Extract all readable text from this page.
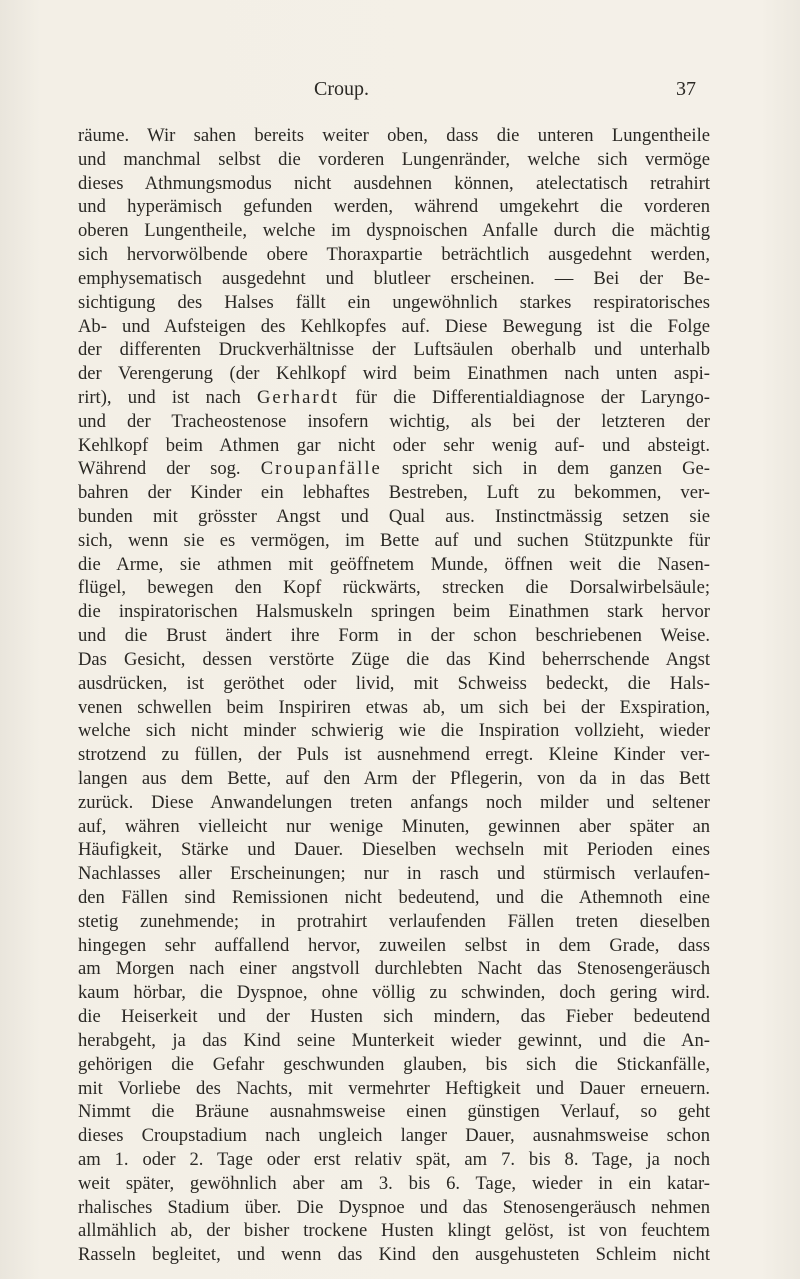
Croup.	37
räume. Wir sahen bereits weiter oben, dass die unteren Lungentheile
und manchmal selbst die vorderen Lungenränder, welche sich vermöge
dieses Athmungsmodus nicht ausdehnen können, atelectatisch retrahirt
und hyperämisch gefunden werden, während umgekehrt die vorderen
oberen Lungentheile, welche im dyspnoischen Anfalle durch die mächtig
sich hervorwölbende obere Thoraxpartie beträchtlich ausgedehnt werden,
emphysematisch ausgedehnt und blutleer erscheinen. — Bei der Be-
sichtigung des Halses fällt ein ungewöhnlich starkes respiratorisches
Ab- und Aufsteigen des Kehlkopfes auf. Diese Bewegung ist die Folge
der differenten Druckverhältnisse der Luftsäulen oberhalb und unterhalb
der Verengerung (der Kehlkopf wird beim Einathmen nach unten aspi-
rirt), und ist nach Gerhardt für die Differentialdiagnose der Laryngo-
und der Tracheostenose insofern wichtig, als bei der letzteren der
Kehlkopf beim Athmen gar nicht oder sehr wenig auf- und absteigt.
Während der sog. Croupanfälle spricht sich in dem ganzen Ge-
bahren der Kinder ein lebhaftes Bestreben, Luft zu bekommen, ver-
bunden mit grösster Angst und Qual aus. Instinctmässig setzen sie
sich, wenn sie es vermögen, im Bette auf und suchen Stützpunkte für
die Arme, sie athmen mit geöffnetem Munde, öffnen weit die Nasen-
flügel, bewegen den Kopf rückwärts, strecken die Dorsalwirbelsäule;
die inspiratorischen Halsmuskeln springen beim Einathmen stark hervor
und die Brust ändert ihre Form in der schon beschriebenen Weise.
Das Gesicht, dessen verstörte Züge die das Kind beherrschende Angst
ausdrücken, ist geröthet oder livid, mit Schweiss bedeckt, die Hals-
venen schwellen beim Inspiriren etwas ab, um sich bei der Exspiration,
welche sich nicht minder schwierig wie die Inspiration vollzieht, wieder
strotzend zu füllen, der Puls ist ausnehmend erregt. Kleine Kinder ver-
langen aus dem Bette, auf den Arm der Pflegerin, von da in das Bett
zurück. Diese Anwandelungen treten anfangs noch milder und seltener
auf, währen vielleicht nur wenige Minuten, gewinnen aber später an
Häufigkeit, Stärke und Dauer. Dieselben wechseln mit Perioden eines
Nachlasses aller Erscheinungen; nur in rasch und stürmisch verlaufen-
den Fällen sind Remissionen nicht bedeutend, und die Athemnoth eine
stetig zunehmende; in protrahirt verlaufenden Fällen treten dieselben
hingegen sehr auffallend hervor, zuweilen selbst in dem Grade, dass
am Morgen nach einer angstvoll durchlebten Nacht das Stenosengeräusch
kaum hörbar, die Dyspnoe, ohne völlig zu schwinden, doch gering wird.
die Heiserkeit und der Husten sich mindern, das Fieber bedeutend
herabgeht, ja das Kind seine Munterkeit wieder gewinnt, und die An-
gehörigen die Gefahr geschwunden glauben, bis sich die Stickanfälle,
mit Vorliebe des Nachts, mit vermehrter Heftigkeit und Dauer erneuern.
Nimmt die Bräune ausnahmsweise einen günstigen Verlauf, so geht
dieses Croupstadium nach ungleich langer Dauer, ausnahmsweise schon
am 1. oder 2. Tage oder erst relativ spät, am 7. bis 8. Tage, ja noch
weit später, gewöhnlich aber am 3. bis 6. Tage, wieder in ein katar-
rhalisches Stadium über. Die Dyspnoe und das Stenosengeräusch nehmen
allmählich ab, der bisher trockene Husten klingt gelöst, ist von feuchtem
Rasseln begleitet, und wenn das Kind den ausgehusteten Schleim nicht
